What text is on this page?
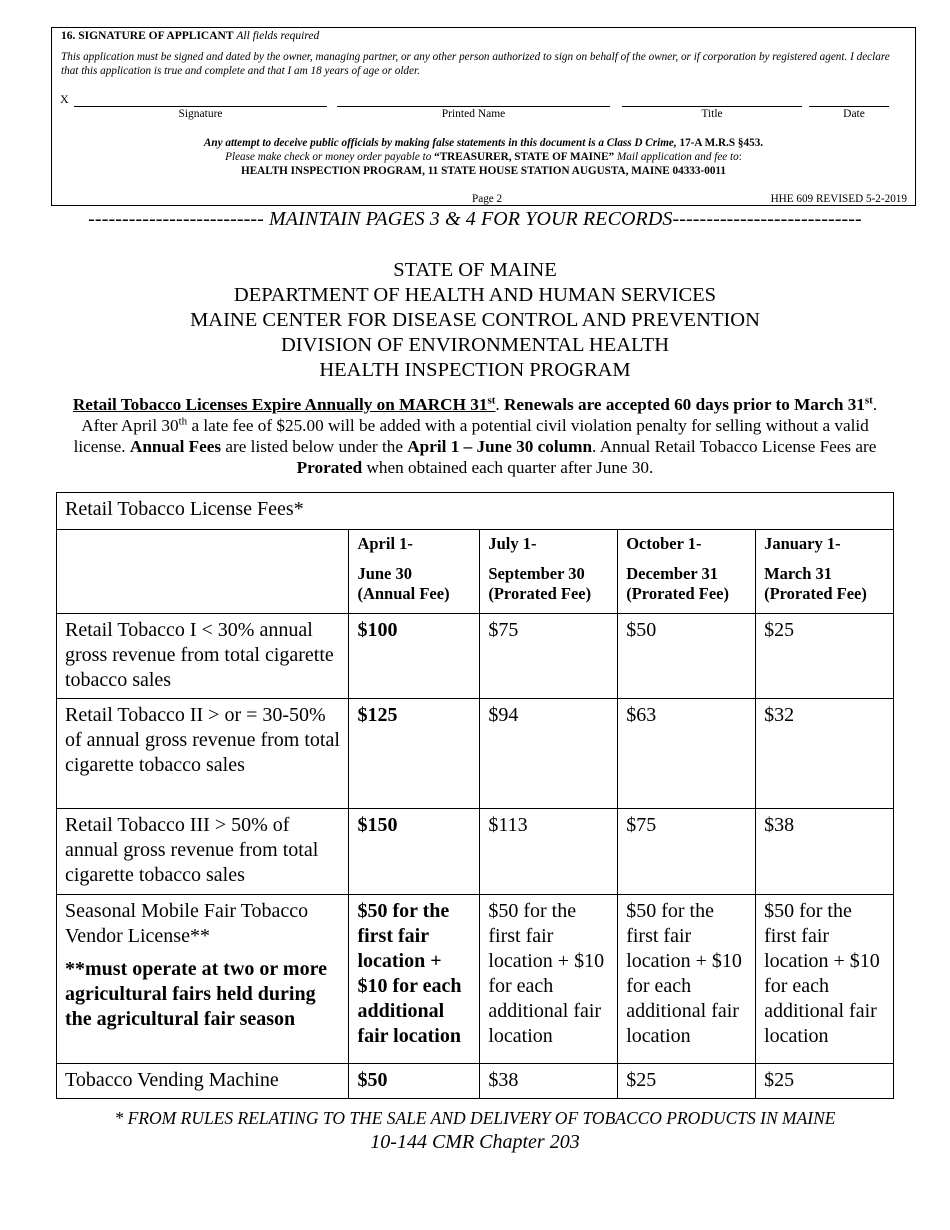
16. SIGNATURE OF APPLICANT All fields required
This application must be signed and dated by the owner, managing partner, or any other person authorized to sign on behalf of the owner, or if corporation by registered agent. I declare that this application is true and complete and that I am 18 years of age or older.
X
Signature	Printed Name	Title	Date
Any attempt to deceive public officials by making false statements in this document is a Class D Crime, 17-A M.R.S §453.
Please make check or money order payable to “TREASURER, STATE OF MAINE” Mail application and fee to:
HEALTH INSPECTION PROGRAM, 11 STATE HOUSE STATION AUGUSTA, MAINE 04333-0011
Page 2	HHE 609 REVISED 5-2-2019
-------------------------- MAINTAIN PAGES 3 & 4 FOR YOUR RECORDS----------------------------
STATE OF MAINE
DEPARTMENT OF HEALTH AND HUMAN SERVICES
MAINE CENTER FOR DISEASE CONTROL AND PREVENTION
DIVISION OF ENVIRONMENTAL HEALTH
HEALTH INSPECTION PROGRAM
Retail Tobacco Licenses Expire Annually on MARCH 31st. Renewals are accepted 60 days prior to March 31st. After April 30th a late fee of $25.00 will be added with a potential civil violation penalty for selling without a valid license. Annual Fees are listed below under the April 1 – June 30 column. Annual Retail Tobacco License Fees are Prorated when obtained each quarter after June 30.
Retail Tobacco License Fees*				

	April 1-
June 30
(Annual Fee)	July 1-
September 30
(Prorated Fee)	October 1-
December 31
(Prorated Fee)	January 1-
March 31
(Prorated Fee)
Retail Tobacco I < 30% annual gross revenue from total cigarette tobacco sales	$100	$75	$50	$25
Retail Tobacco II > or = 30-50% of annual gross revenue from total cigarette tobacco sales	$125	$94	$63	$32
Retail Tobacco III > 50% of annual gross revenue from total cigarette tobacco sales	$150	$113	$75	$38
Seasonal Mobile Fair Tobacco Vendor License**
**must operate at two or more agricultural fairs held during the agricultural fair season	$50 for the first fair location + $10 for each additional fair location	$50 for the first fair location + $10 for each additional fair location	$50 for the first fair location + $10 for each additional fair location	$50 for the first fair location + $10 for each additional fair location
Tobacco Vending Machine	$50	$38	$25	$25
* FROM RULES RELATING TO THE SALE AND DELIVERY OF TOBACCO PRODUCTS IN MAINE
10-144 CMR Chapter 203
